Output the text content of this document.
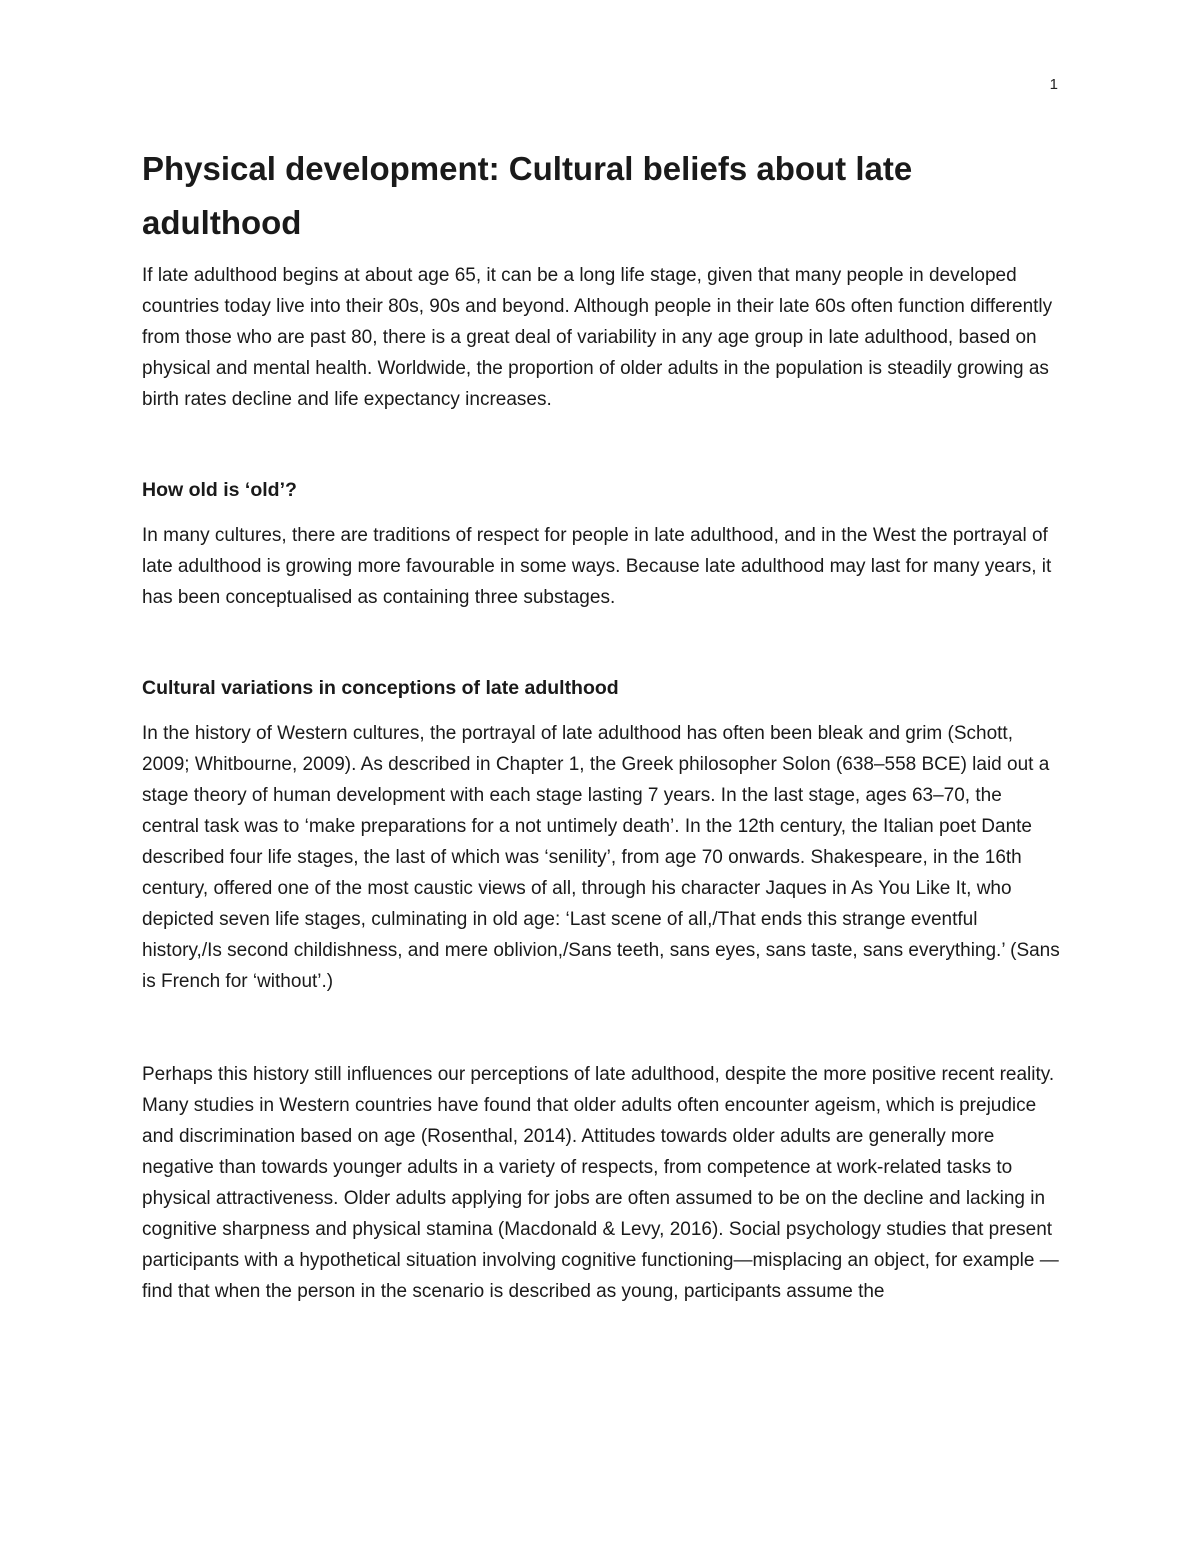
1
Physical development: Cultural beliefs about late adulthood

If late adulthood begins at about age 65, it can be a long life stage, given that many people in developed countries today live into their 80s, 90s and beyond. Although people in their late 60s often function differently from those who are past 80, there is a great deal of variability in any age group in late adulthood, based on physical and mental health. Worldwide, the proportion of older adults in the population is steadily growing as birth rates decline and life expectancy increases.

How old is ‘old’?

In many cultures, there are traditions of respect for people in late adulthood, and in the West the portrayal of late adulthood is growing more favourable in some ways. Because late adulthood may last for many years, it has been conceptualised as containing three substages.

Cultural variations in conceptions of late adulthood

In the history of Western cultures, the portrayal of late adulthood has often been bleak and grim (Schott, 2009; Whitbourne, 2009). As described in Chapter 1, the Greek philosopher Solon (638–558 BCE) laid out a stage theory of human development with each stage lasting 7 years. In the last stage, ages 63–70, the central task was to ‘make preparations for a not untimely death’. In the 12th century, the Italian poet Dante described four life stages, the last of which was ‘senility’, from age 70 onwards. Shakespeare, in the 16th century, offered one of the most caustic views of all, through his character Jaques in As You Like It, who depicted seven life stages, culminating in old age: ‘Last scene of all,/That ends this strange eventful history,/Is second childishness, and mere oblivion,/Sans teeth, sans eyes, sans taste, sans everything.’ (Sans is French for ‘without’.)

Perhaps this history still influences our perceptions of late adulthood, despite the more positive recent reality. Many studies in Western countries have found that older adults often encounter ageism, which is prejudice and discrimination based on age (Rosenthal, 2014). Attitudes towards older adults are generally more negative than towards younger adults in a variety of respects, from competence at work-related tasks to physical attractiveness. Older adults applying for jobs are often assumed to be on the decline and lacking in cognitive sharpness and physical stamina (Macdonald & Levy, 2016). Social psychology studies that present participants with a hypothetical situation involving cognitive functioning—misplacing an object, for example —find that when the person in the scenario is described as young, participants assume the
